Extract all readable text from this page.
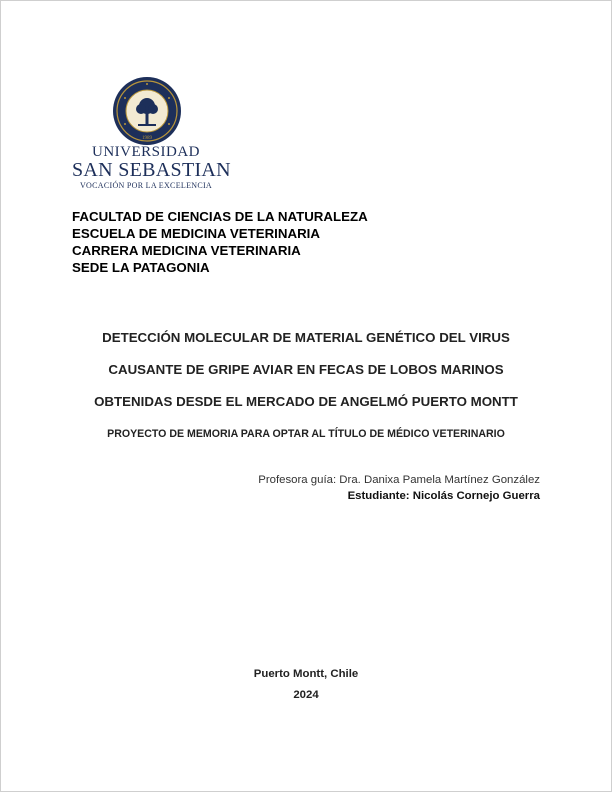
1989
UNIVERSIDAD
SAN SEBASTIAN
VOCACIÓN POR LA EXCELENCIA
FACULTAD DE CIENCIAS DE LA NATURALEZA
ESCUELA DE MEDICINA VETERINARIA
CARRERA MEDICINA VETERINARIA
SEDE LA PATAGONIA
DETECCIÓN MOLECULAR DE MATERIAL GENÉTICO DEL VIRUS
CAUSANTE DE GRIPE AVIAR EN FECAS DE LOBOS MARINOS
OBTENIDAS DESDE EL MERCADO DE ANGELMÓ PUERTO MONTT
PROYECTO DE MEMORIA PARA OPTAR AL TÍTULO DE MÉDICO VETERINARIO
Profesora guía: Dra. Danixa Pamela Martínez González
Estudiante: Nicolás Cornejo Guerra
Puerto Montt, Chile
2024
